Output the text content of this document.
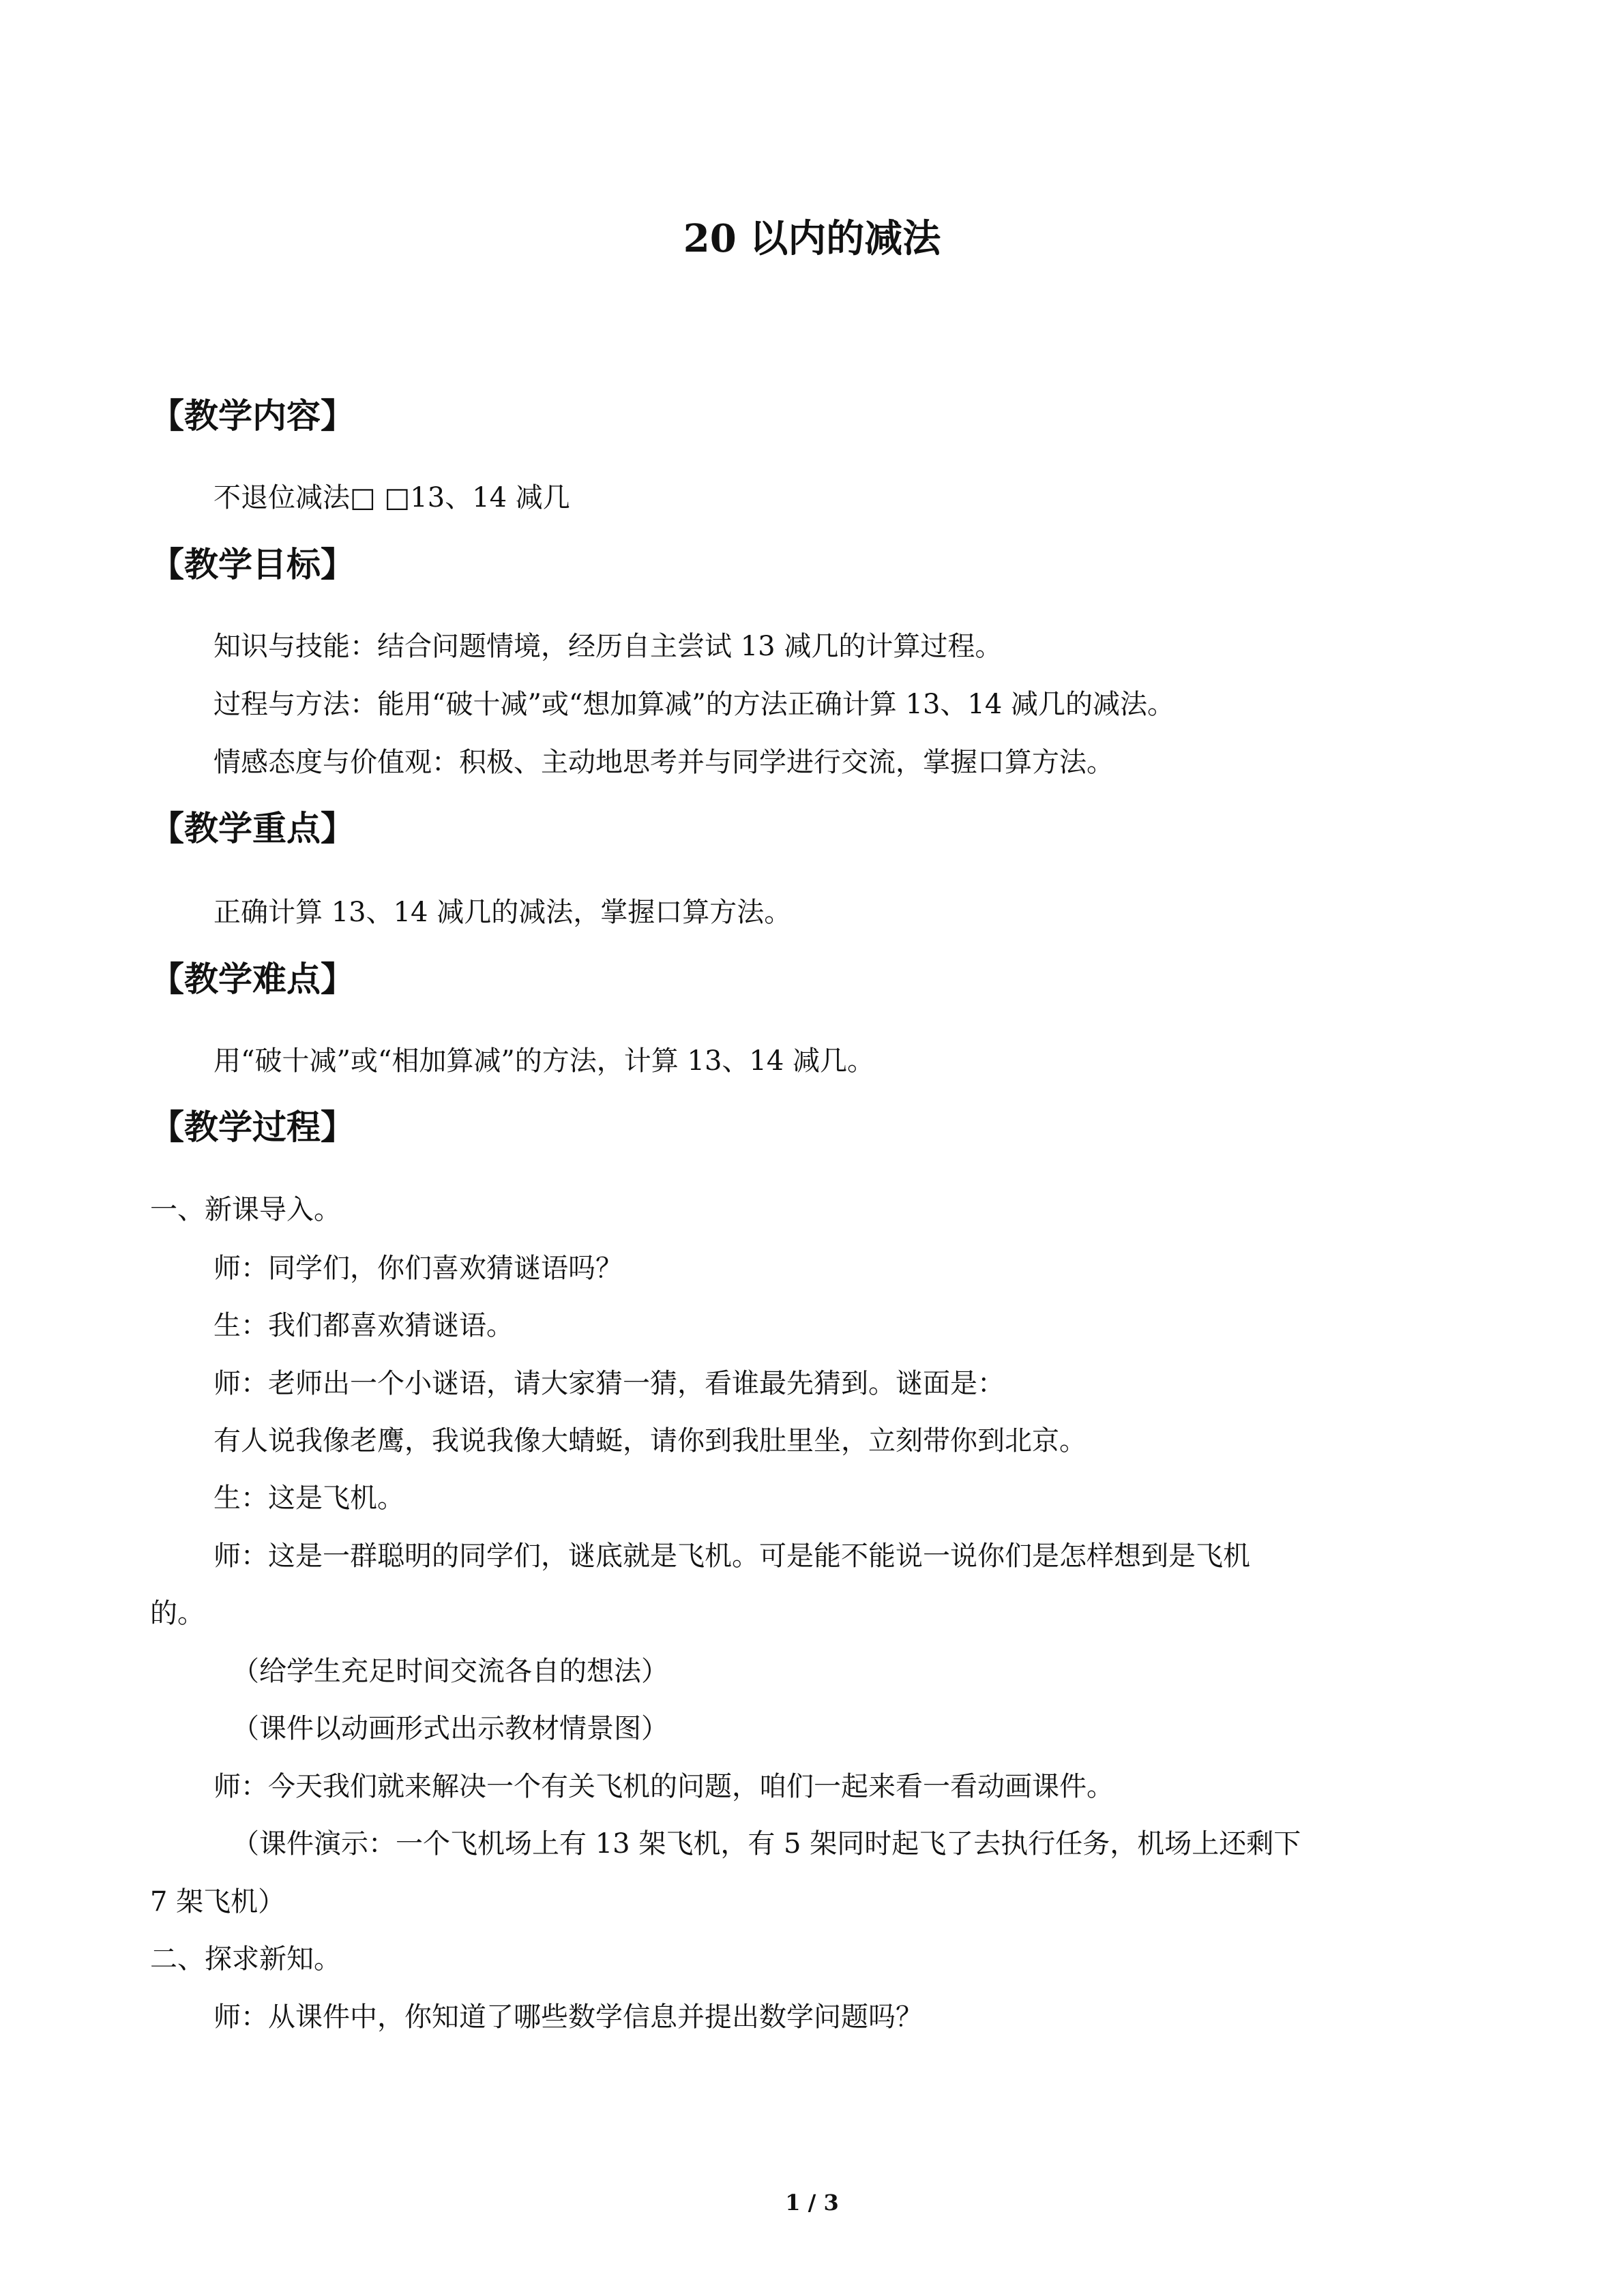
20 以内的减法
【教学内容】
不退位减法□ □13、14 减几
【教学目标】
知识与技能：结合问题情境，经历自主尝试 13 减几的计算过程。
过程与方法：能用“破十减”或“想加算减”的方法正确计算 13、14 减几的减法。
情感态度与价值观：积极、主动地思考并与同学进行交流，掌握口算方法。
【教学重点】
正确计算 13、14 减几的减法，掌握口算方法。
【教学难点】
用“破十减”或“相加算减”的方法，计算 13、14 减几。
【教学过程】
一、新课导入。
师：同学们，你们喜欢猜谜语吗？
生：我们都喜欢猜谜语。
师：老师出一个小谜语，请大家猜一猜，看谁最先猜到。谜面是：
有人说我像老鹰，我说我像大蜻蜓，请你到我肚里坐，立刻带你到北京。
生：这是飞机。
师：这是一群聪明的同学们，谜底就是飞机。可是能不能说一说你们是怎样想到是飞机
的。
（给学生充足时间交流各自的想法）
（课件以动画形式出示教材情景图）
师：今天我们就来解决一个有关飞机的问题，咱们一起来看一看动画课件。
（课件演示：一个飞机场上有 13 架飞机，有 5 架同时起飞了去执行任务，机场上还剩下
7 架飞机）
二、探求新知。
师：从课件中，你知道了哪些数学信息并提出数学问题吗？
1 / 3
